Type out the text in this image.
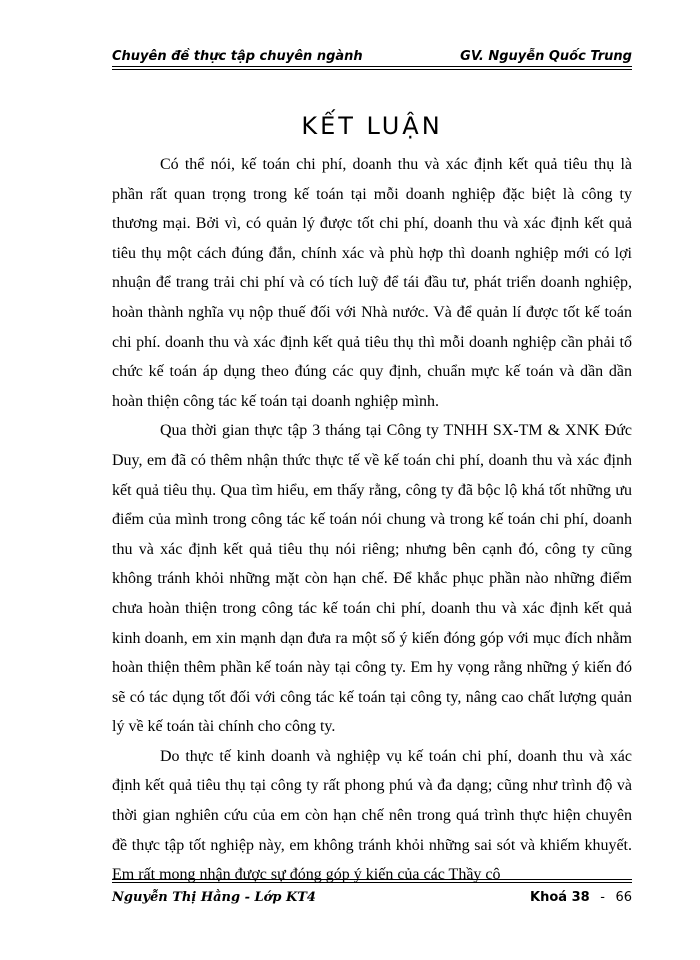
Chuyên đề thực tập chuyên ngành	GV. Nguyễn Quốc Trung
KẾT LUẬN

Có thể nói, kế toán chi phí, doanh thu và xác định kết quả tiêu thụ là phần rất quan trọng trong kế toán tại mỗi doanh nghiệp đặc biệt là công ty thương mại. Bởi vì, có quản lý được tốt chi phí, doanh thu và xác định kết quả tiêu thụ một cách đúng đắn, chính xác và phù hợp thì doanh nghiệp mới có lợi nhuận để trang trải chi phí và có tích luỹ để tái đầu tư, phát triển doanh nghiệp, hoàn thành nghĩa vụ nộp thuế đối với Nhà nước. Và để quản lí được tốt kế toán chi phí. doanh thu và xác định kết quả tiêu thụ thì mỗi doanh nghiệp cần phải tổ chức kế toán áp dụng theo đúng các quy định, chuẩn mực kế toán và dần dần hoàn thiện công tác kế toán tại doanh nghiệp mình.

Qua thời gian thực tập 3 tháng tại Công ty TNHH SX-TM & XNK Đức Duy, em đã có thêm nhận thức thực tế về kế toán chi phí, doanh thu và xác định kết quả tiêu thụ. Qua tìm hiểu, em thấy rằng, công ty đã bộc lộ khá tốt những ưu điểm của mình trong công tác kế toán nói chung và trong kế toán chi phí, doanh thu và xác định kết quả tiêu thụ nói riêng; nhưng bên cạnh đó, công ty cũng không tránh khỏi những mặt còn hạn chế. Để khắc phục phần nào những điểm chưa hoàn thiện trong công tác kế toán chi phí, doanh thu và xác định kết quả kinh doanh, em xin mạnh dạn đưa ra một số ý kiến đóng góp với mục đích nhằm hoàn thiện thêm phần kế toán này tại công ty. Em hy vọng rằng những ý kiến đó sẽ có tác dụng tốt đối với công tác kế toán tại công ty, nâng cao chất lượng quản lý về kế toán tài chính cho công ty.

Do thực tế kinh doanh và nghiệp vụ kế toán chi phí, doanh thu và xác định kết quả tiêu thụ tại công ty rất phong phú và đa dạng; cũng như trình độ và thời gian nghiên cứu của em còn hạn chế nên trong quá trình thực hiện chuyên đề thực tập tốt nghiệp này, em không tránh khỏi những sai sót và khiếm khuyết. Em rất mong nhận được sự đóng góp ý kiến của các Thầy cô

Nguyễn Thị Hằng - Lớp KT4	Khoá 38 - 66
